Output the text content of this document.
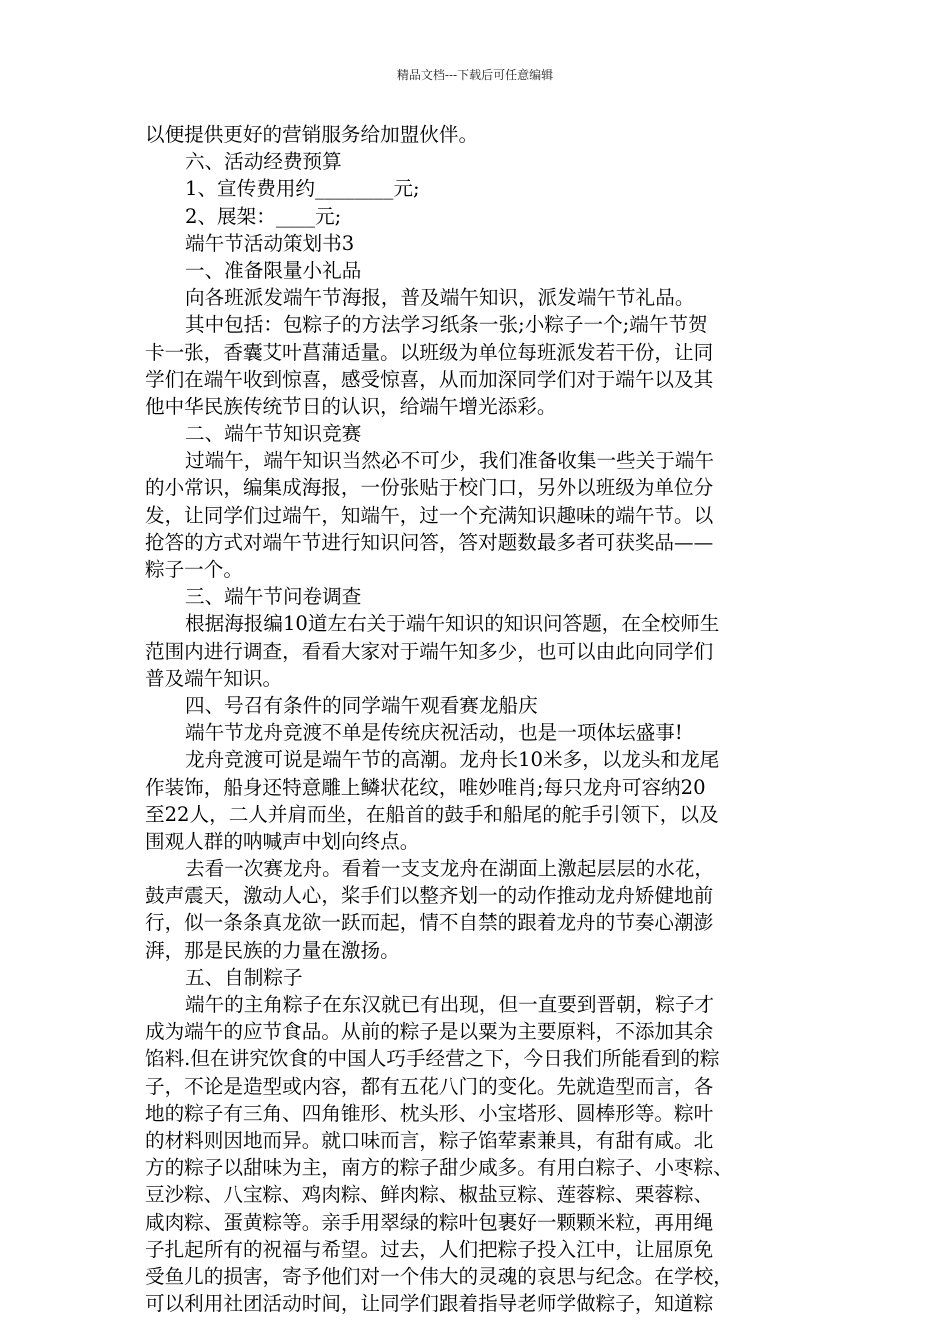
精品文档---下载后可任意编辑
以便提供更好的营销服务给加盟伙伴。
六、活动经费预算
1、宣传费用约________元;
2、展架：____元;
端午节活动策划书3
一、准备限量小礼品
向各班派发端午节海报，普及端午知识，派发端午节礼品。
其中包括：包粽子的方法学习纸条一张;小粽子一个;端午节贺
卡一张，香囊艾叶菖蒲适量。以班级为单位每班派发若干份，让同
学们在端午收到惊喜，感受惊喜，从而加深同学们对于端午以及其
他中华民族传统节日的认识，给端午增光添彩。
二、端午节知识竞赛
过端午，端午知识当然必不可少，我们准备收集一些关于端午
的小常识，编集成海报，一份张贴于校门口，另外以班级为单位分
发，让同学们过端午，知端午，过一个充满知识趣味的端午节。以
抢答的方式对端午节进行知识问答，答对题数最多者可获奖品——
粽子一个。
三、端午节问卷调查
根据海报编10道左右关于端午知识的知识问答题，在全校师生
范围内进行调查，看看大家对于端午知多少，也可以由此向同学们
普及端午知识。
四、号召有条件的同学端午观看赛龙船庆
端午节龙舟竞渡不单是传统庆祝活动，也是一项体坛盛事!
龙舟竞渡可说是端午节的高潮。龙舟长10米多，以龙头和龙尾
作装饰，船身还特意雕上鳞状花纹，唯妙唯肖;每只龙舟可容纳20
至22人，二人并肩而坐，在船首的鼓手和船尾的舵手引领下，以及
围观人群的呐喊声中划向终点。
去看一次赛龙舟。看着一支支龙舟在湖面上激起层层的水花，
鼓声震天，激动人心，桨手们以整齐划一的动作推动龙舟矫健地前
行，似一条条真龙欲一跃而起，情不自禁的跟着龙舟的节奏心潮澎
湃，那是民族的力量在激扬。
五、自制粽子
端午的主角粽子在东汉就已有出现，但一直要到晋朝，粽子才
成为端午的应节食品。从前的粽子是以粟为主要原料，不添加其余
馅料.但在讲究饮食的中国人巧手经营之下，今日我们所能看到的粽
子，不论是造型或内容，都有五花八门的变化。先就造型而言，各
地的粽子有三角、四角锥形、枕头形、小宝塔形、圆棒形等。粽叶
的材料则因地而异。就口味而言，粽子馅荤素兼具，有甜有咸。北
方的粽子以甜味为主，南方的粽子甜少咸多。有用白粽子、小枣粽、
豆沙粽、八宝粽、鸡肉粽、鲜肉粽、椒盐豆粽、莲蓉粽、栗蓉粽、
咸肉粽、蛋黄粽等。亲手用翠绿的粽叶包裹好一颗颗米粒，再用绳
子扎起所有的祝福与希望。过去，人们把粽子投入江中，让屈原免
受鱼儿的损害，寄予他们对一个伟大的灵魂的哀思与纪念。在学校，
可以利用社团活动时间，让同学们跟着指导老师学做粽子，知道粽
